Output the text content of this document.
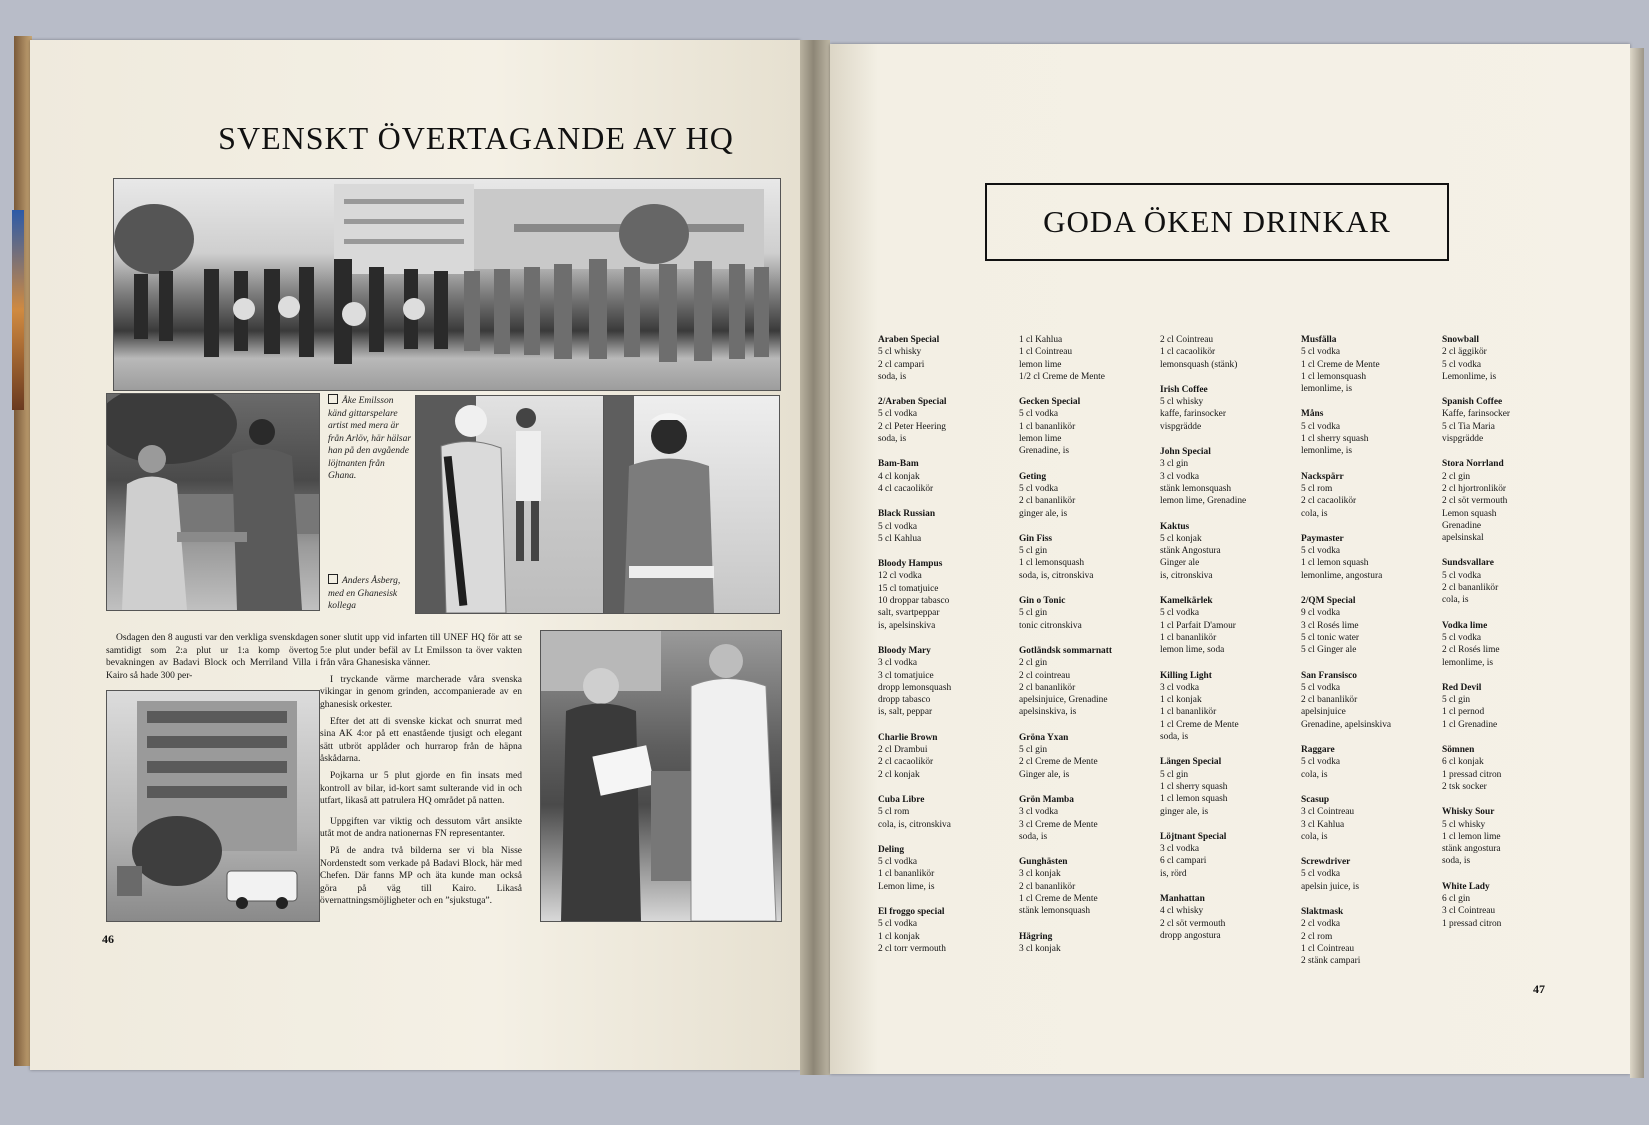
SVENSKT ÖVERTAGANDE AV HQ
Åke Emilsson känd gittarspelare artist med mera är från Arlöv, här hälsar han på den avgående löjtnanten från Ghana.
Anders Åsberg, med en Ghanesisk kollega

Osdagen den 8 augusti var den verkliga svenskdagen samtidigt som 2:a plut ur 1:a komp övertog bevakningen av Badavi Block och Merriland Villa i Kairo så hade 300 per-

soner slutit upp vid infarten till UNEF HQ för att se 5:e plut under befäl av Lt Emilsson ta över vakten från våra Ghanesiska vänner.

I tryckande värme marcherade våra svenska vikingar in genom grinden, accompanierade av en ghanesisk orkester.

Efter det att di svenske kickat och snurrat med sina AK 4:or på ett enastående tjusigt och elegant sätt utbröt applåder och hurrarop från de häpna åskådarna.

Pojkarna ur 5 plut gjorde en fin insats med kontroll av bilar, id-kort samt sulterande vid in och utfart, likaså att patrulera HQ området på natten.

Uppgiften var viktig och dessutom vårt ansikte utåt mot de andra nationernas FN representanter.

På de andra två bilderna ser vi bla Nisse Nordenstedt som verkade på Badavi Block, här med Chefen. Där fanns MP och äta kunde man också göra på väg till Kairo. Likaså övernattningsmöjligheter och en ”sjukstuga”.

46
GODA ÖKEN DRINKAR
Araben Special
5 cl whisky
2 cl campari
soda, is
2/Araben Special
5 cl vodka
2 cl Peter Heering
soda, is
Bam-Bam
4 cl konjak
4 cl cacaolikör
Black Russian
5 cl vodka
5 cl Kahlua
Bloody Hampus
12 cl vodka
15 cl tomatjuice
10 droppar tabasco
salt, svartpeppar
is, apelsinskiva
Bloody Mary
3 cl vodka
3 cl tomatjuice
dropp lemonsquash
dropp tabasco
is, salt, peppar
Charlie Brown
2 cl Drambui
2 cl cacaolikör
2 cl konjak
Cuba Libre
5 cl rom
cola, is, citronskiva
Deling
5 cl vodka
1 cl bananlikör
Lemon lime, is
El froggo special
5 cl vodka
1 cl konjak
2 cl torr vermouth
1 cl Kahlua
1 cl Cointreau
lemon lime
1/2 cl Creme de Mente
Gecken Special
5 cl vodka
1 cl bananlikör
lemon lime
Grenadine, is
Geting
5 cl vodka
2 cl bananlikör
ginger ale, is
Gin Fiss
5 cl gin
1 cl lemonsquash
soda, is, citronskiva
Gin o Tonic
5 cl gin
tonic citronskiva
Gotländsk sommarnatt
2 cl gin
2 cl cointreau
2 cl bananlikör
apelsinjuice, Grenadine
apelsinskiva, is
Gröna Yxan
5 cl gin
2 cl Creme de Mente
Ginger ale, is
Grön Mamba
3 cl vodka
3 cl Creme de Mente
soda, is
Gunghästen
3 cl konjak
2 cl bananlikör
1 cl Creme de Mente
stänk lemonsquash
Hägring
3 cl konjak
2 cl Cointreau
1 cl cacaolikör
lemonsquash (stänk)
Irish Coffee
5 cl whisky
kaffe, farinsocker
vispgrädde
John Special
3 cl gin
3 cl vodka
stänk lemonsquash
lemon lime, Grenadine
Kaktus
5 cl konjak
stänk Angostura
Ginger ale
is, citronskiva
Kamelkärlek
5 cl vodka
1 cl Parfait D'amour
1 cl bananlikör
lemon lime, soda
Killing Light
3 cl vodka
1 cl konjak
1 cl bananlikör
1 cl Creme de Mente
soda, is
Längen Special
5 cl gin
1 cl sherry squash
1 cl lemon squash
ginger ale, is
Löjtnant Special
3 cl vodka
6 cl campari
is, rörd
Manhattan
4 cl whisky
2 cl söt vermouth
dropp angostura
Musfälla
5 cl vodka
1 cl Creme de Mente
1 cl lemonsquash
lemonlime, is
Måns
5 cl vodka
1 cl sherry squash
lemonlime, is
Nackspärr
5 cl rom
2 cl cacaolikör
cola, is
Paymaster
5 cl vodka
1 cl lemon squash
lemonlime, angostura
2/QM Special
9 cl vodka
3 cl Rosés lime
5 cl tonic water
5 cl Ginger ale
San Fransisco
5 cl vodka
2 cl bananlikör
apelsinjuice
Grenadine, apelsinskiva
Raggare
5 cl vodka
cola, is
Scasup
3 cl Cointreau
3 cl Kahlua
cola, is
Screwdriver
5 cl vodka
apelsin juice, is
Slaktmask
2 cl vodka
2 cl rom
1 cl Cointreau
2 stänk campari
Snowball
2 cl äggikör
5 cl vodka
Lemonlime, is
Spanish Coffee
Kaffe, farinsocker
5 cl Tia Maria
vispgrädde
Stora Norrland
2 cl gin
2 cl hjortronlikör
2 cl söt vermouth
Lemon squash
Grenadine
apelsinskal
Sundsvallare
5 cl vodka
2 cl bananlikör
cola, is
Vodka lime
5 cl vodka
2 cl Rosés lime
lemonlime, is
Red Devil
5 cl gin
1 cl pernod
1 cl Grenadine
Sömnen
6 cl konjak
1 pressad citron
2 tsk socker
Whisky Sour
5 cl whisky
1 cl lemon lime
stänk angostura
soda, is
White Lady
6 cl gin
3 cl Cointreau
1 pressad citron
47
